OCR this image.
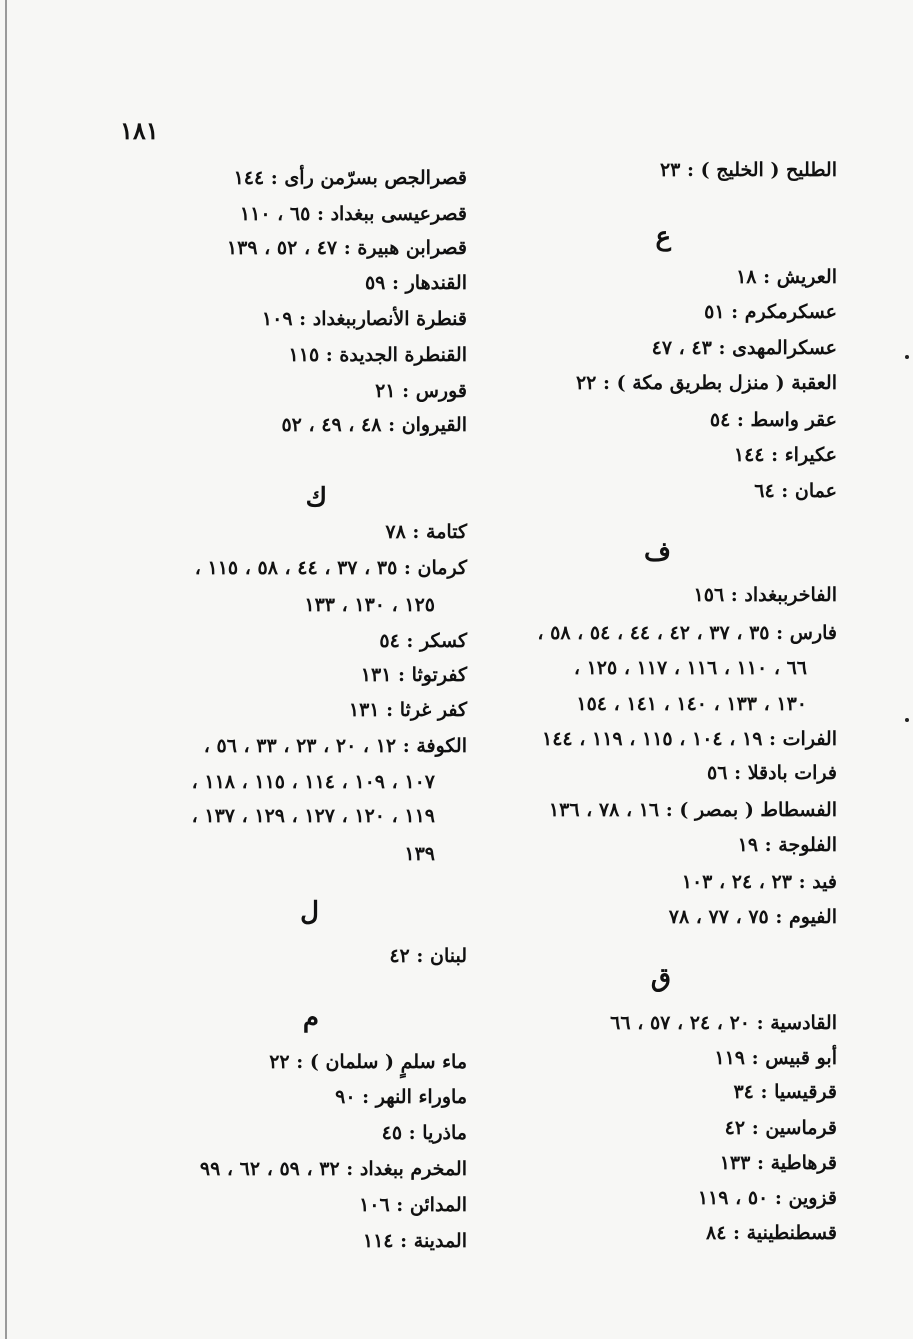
١٨١
الطليح ( الخليج ) : ٢٣
ع
العريش : ١٨
عسكرمكرم : ٥١
عسكرالمهدى : ٤٣ ، ٤٧
العقبة ( منزل بطريق مكة ) : ٢٢
عقر واسط : ٥٤
عكيراء : ١٤٤
عمان : ٦٤
ف
الفاخرببغداد : ١٥٦
فارس : ٣٥ ، ٣٧ ، ٤٢ ، ٤٤ ، ٥٤ ، ٥٨ ،
٦٦ ، ١١٠ ، ١١٦ ، ١١٧ ، ١٢٥ ،
١٣٠ ، ١٣٣ ، ١٤٠ ، ١٤١ ، ١٥٤
الفرات : ١٩ ، ١٠٤ ، ١١٥ ، ١١٩ ، ١٤٤
فرات بادقلا : ٥٦
الفسطاط ( بمصر ) : ١٦ ، ٧٨ ، ١٣٦
الفلوجة : ١٩
فيد : ٢٣ ، ٢٤ ، ١٠٣
الفيوم : ٧٥ ، ٧٧ ، ٧٨
ق
القادسية : ٢٠ ، ٢٤ ، ٥٧ ، ٦٦
أبو قبيس : ١١٩
قرقيسيا : ٣٤
قرماسين : ٤٢
قرهاطية : ١٣٣
قزوين : ٥٠ ، ١١٩
قسطنطينية : ٨٤
قصرالجص بسرّمن رأى : ١٤٤
قصرعيسى ببغداد : ٦٥ ، ١١٠
قصرابن هبيرة : ٤٧ ، ٥٢ ، ١٣٩
القندهار : ٥٩
قنطرة الأنصارببغداد : ١٠٩
القنطرة الجديدة : ١١٥
قورس : ٢١
القيروان : ٤٨ ، ٤٩ ، ٥٢
ك
كتامة : ٧٨
كرمان : ٣٥ ، ٣٧ ، ٤٤ ، ٥٨ ، ١١٥ ،
١٢٥ ، ١٣٠ ، ١٣٣
كسكر : ٥٤
كفرتوثا : ١٣١
كفر غرثا : ١٣١
الكوفة : ١٢ ، ٢٠ ، ٢٣ ، ٣٣ ، ٥٦ ،
١٠٧ ، ١٠٩ ، ١١٤ ، ١١٥ ، ١١٨ ،
١١٩ ، ١٢٠ ، ١٢٧ ، ١٢٩ ، ١٣٧ ،
١٣٩
ل
لبنان : ٤٢
م
ماء سلمٍ ( سلمان ) : ٢٢
ماوراء النهر : ٩٠
ماذريا : ٤٥
المخرم ببغداد : ٣٢ ، ٥٩ ، ٦٢ ، ٩٩
المدائن : ١٠٦
المدينة : ١١٤
